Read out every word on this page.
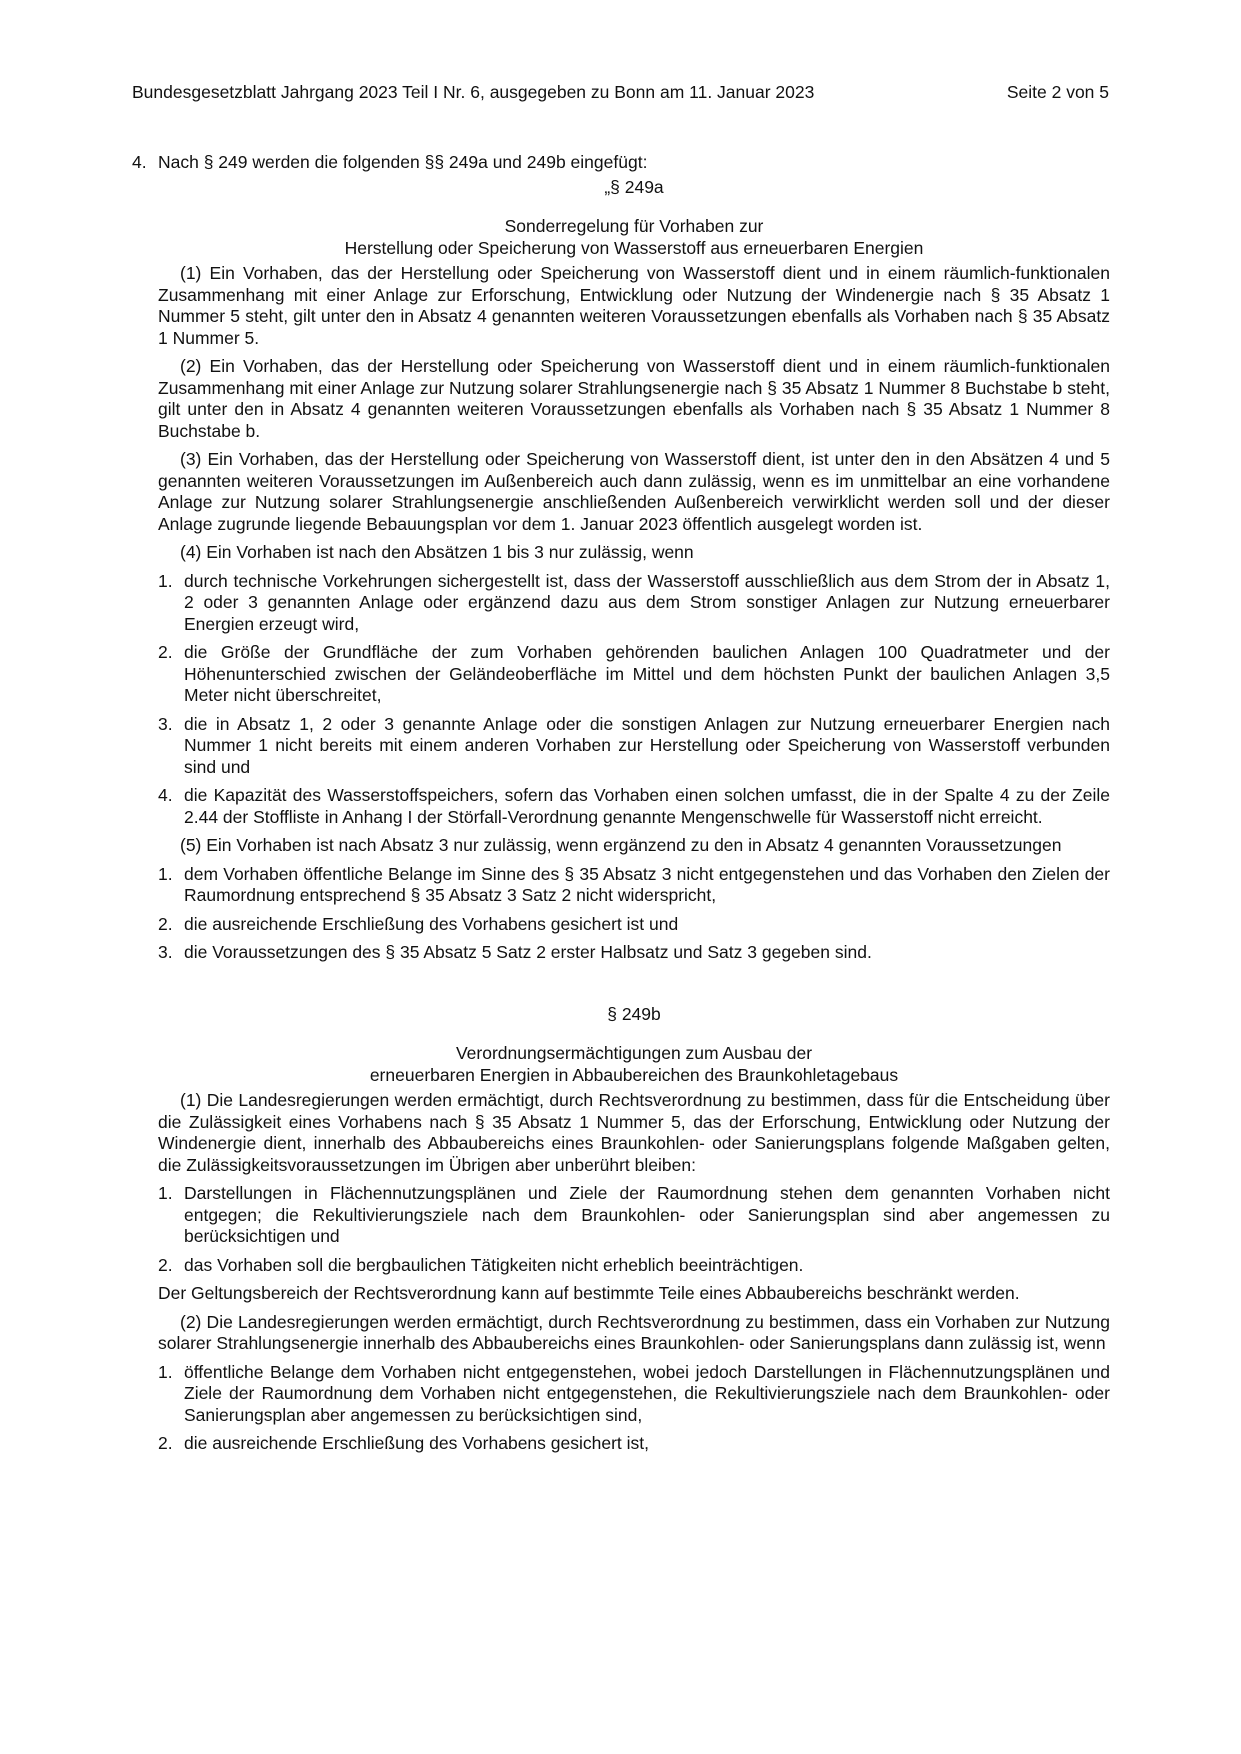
Bundesgesetzblatt Jahrgang 2023 Teil I Nr. 6, ausgegeben zu Bonn am 11. Januar 2023	Seite 2 von 5
4. Nach § 249 werden die folgenden §§ 249a und 249b eingefügt:

„§ 249a

Sonderregelung für Vorhaben zur

Herstellung oder Speicherung von Wasserstoff aus erneuerbaren Energien

(1) Ein Vorhaben, das der Herstellung oder Speicherung von Wasserstoff dient und in einem räumlich-funktionalen Zusammenhang mit einer Anlage zur Erforschung, Entwicklung oder Nutzung der Windenergie nach § 35 Absatz 1 Nummer 5 steht, gilt unter den in Absatz 4 genannten weiteren Voraussetzungen ebenfalls als Vorhaben nach § 35 Absatz 1 Nummer 5.

(2) Ein Vorhaben, das der Herstellung oder Speicherung von Wasserstoff dient und in einem räumlich-funktionalen Zusammenhang mit einer Anlage zur Nutzung solarer Strahlungsenergie nach § 35 Absatz 1 Nummer 8 Buchstabe b steht, gilt unter den in Absatz 4 genannten weiteren Voraussetzungen ebenfalls als Vorhaben nach § 35 Absatz 1 Nummer 8 Buchstabe b.

(3) Ein Vorhaben, das der Herstellung oder Speicherung von Wasserstoff dient, ist unter den in den Absätzen 4 und 5 genannten weiteren Voraussetzungen im Außenbereich auch dann zulässig, wenn es im unmittelbar an eine vorhandene Anlage zur Nutzung solarer Strahlungsenergie anschließenden Außenbereich verwirklicht werden soll und der dieser Anlage zugrunde liegende Bebauungsplan vor dem 1. Januar 2023 öffentlich ausgelegt worden ist.

(4) Ein Vorhaben ist nach den Absätzen 1 bis 3 nur zulässig, wenn

1. durch technische Vorkehrungen sichergestellt ist, dass der Wasserstoff ausschließlich aus dem Strom der in Absatz 1, 2 oder 3 genannten Anlage oder ergänzend dazu aus dem Strom sonstiger Anlagen zur Nutzung erneuerbarer Energien erzeugt wird,
2. die Größe der Grundfläche der zum Vorhaben gehörenden baulichen Anlagen 100 Quadratmeter und der Höhenunterschied zwischen der Geländeoberfläche im Mittel und dem höchsten Punkt der baulichen Anlagen 3,5 Meter nicht überschreitet,
3. die in Absatz 1, 2 oder 3 genannte Anlage oder die sonstigen Anlagen zur Nutzung erneuerbarer Energien nach Nummer 1 nicht bereits mit einem anderen Vorhaben zur Herstellung oder Speicherung von Wasserstoff verbunden sind und
4. die Kapazität des Wasserstoffspeichers, sofern das Vorhaben einen solchen umfasst, die in der Spalte 4 zu der Zeile 2.44 der Stoffliste in Anhang I der Störfall-Verordnung genannte Mengenschwelle für Wasserstoff nicht erreicht.

(5) Ein Vorhaben ist nach Absatz 3 nur zulässig, wenn ergänzend zu den in Absatz 4 genannten Voraussetzungen

1. dem Vorhaben öffentliche Belange im Sinne des § 35 Absatz 3 nicht entgegenstehen und das Vorhaben den Zielen der Raumordnung entsprechend § 35 Absatz 3 Satz 2 nicht widerspricht,
2. die ausreichende Erschließung des Vorhabens gesichert ist und
3. die Voraussetzungen des § 35 Absatz 5 Satz 2 erster Halbsatz und Satz 3 gegeben sind.

§ 249b

Verordnungsermächtigungen zum Ausbau der

erneuerbaren Energien in Abbaubereichen des Braunkohletagebaus

(1) Die Landesregierungen werden ermächtigt, durch Rechtsverordnung zu bestimmen, dass für die Entscheidung über die Zulässigkeit eines Vorhabens nach § 35 Absatz 1 Nummer 5, das der Erforschung, Entwicklung oder Nutzung der Windenergie dient, innerhalb des Abbaubereichs eines Braunkohlen- oder Sanierungsplans folgende Maßgaben gelten, die Zulässigkeitsvoraussetzungen im Übrigen aber unberührt bleiben:

1. Darstellungen in Flächennutzungsplänen und Ziele der Raumordnung stehen dem genannten Vorhaben nicht entgegen; die Rekultivierungsziele nach dem Braunkohlen- oder Sanierungsplan sind aber angemessen zu berücksichtigen und
2. das Vorhaben soll die bergbaulichen Tätigkeiten nicht erheblich beeinträchtigen.

Der Geltungsbereich der Rechtsverordnung kann auf bestimmte Teile eines Abbaubereichs beschränkt werden.

(2) Die Landesregierungen werden ermächtigt, durch Rechtsverordnung zu bestimmen, dass ein Vorhaben zur Nutzung solarer Strahlungsenergie innerhalb des Abbaubereichs eines Braunkohlen- oder Sanierungsplans dann zulässig ist, wenn

1. öffentliche Belange dem Vorhaben nicht entgegenstehen, wobei jedoch Darstellungen in Flächennutzungsplänen und Ziele der Raumordnung dem Vorhaben nicht entgegenstehen, die Rekultivierungsziele nach dem Braunkohlen- oder Sanierungsplan aber angemessen zu berücksichtigen sind,
2. die ausreichende Erschließung des Vorhabens gesichert ist,
